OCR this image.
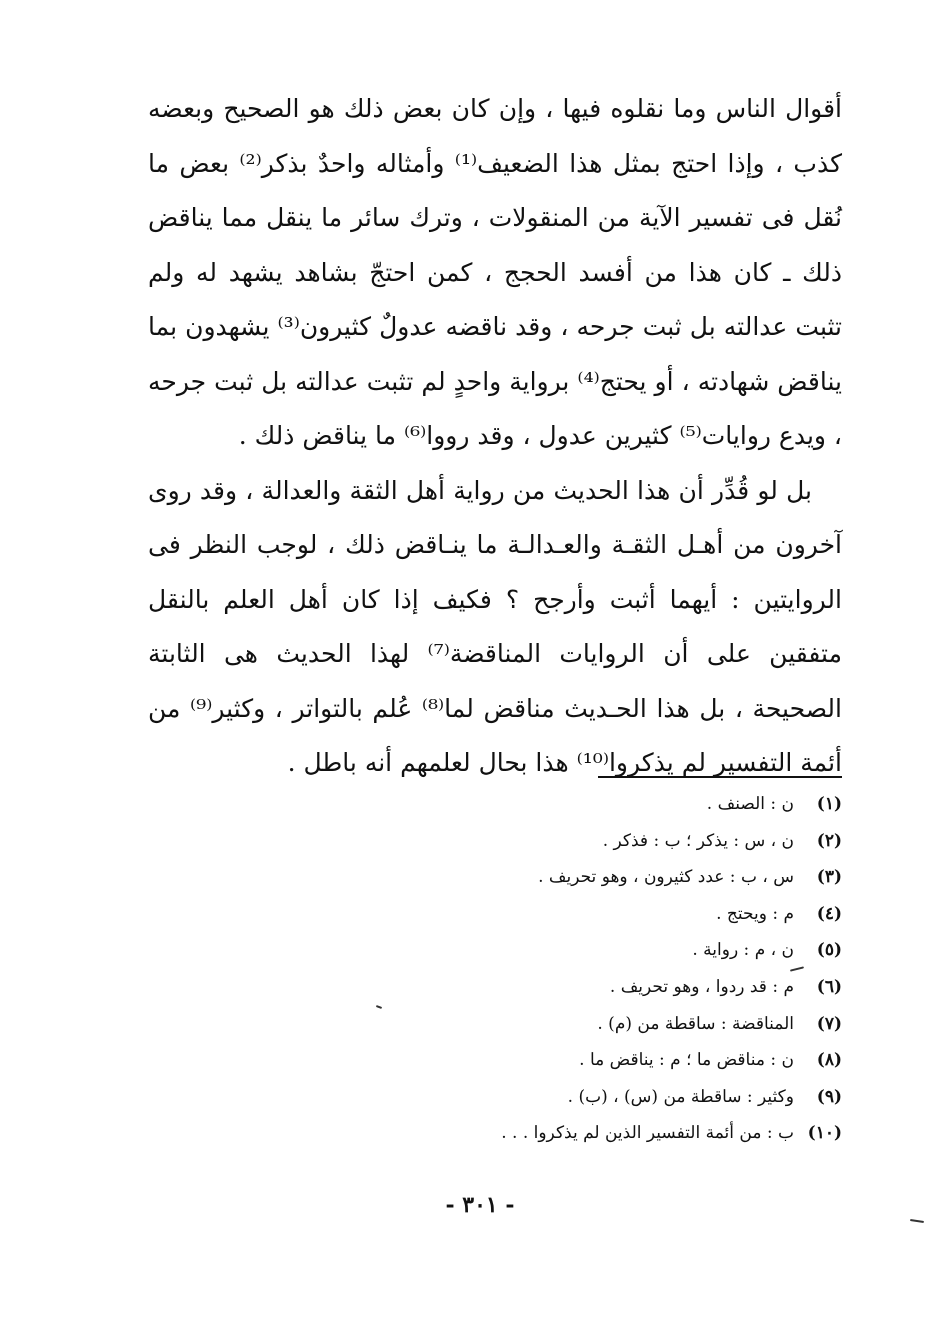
أقوال الناس وما نقلوه فيها ، وإن كان بعض ذلك هو الصحيح وبعضه كذب ، وإذا احتج بمثل هذا الضعيف⁽¹⁾ وأمثاله واحدٌ بذكر⁽²⁾ بعض ما نُقل فى تفسير الآية من المنقولات ، وترك سائر ما ينقل مما يناقض ذلك ـ كان هذا من أفسد الحجج ، كمن احتجّ بشاهد يشهد له ولم تثبت عدالته بل ثبت جرحه ، وقد ناقضه عدولٌ كثيرون⁽³⁾ يشهدون بما يناقض شهادته ، أو يحتج⁽⁴⁾ برواية واحدٍ لم تثبت عدالته بل ثبت جرحه ، ويدع روايات⁽⁵⁾ كثيرين عدول ، وقد رووا⁽⁶⁾ ما يناقض ذلك .

بل لو قُدِّر أن هذا الحديث من رواية أهل الثقة والعدالة ، وقد روى آخرون من أهـل الثقـة والعـدالـة ما ينـاقض ذلك ، لوجب النظر فى الروايتين : أيهما أثبت وأرجح ؟ فكيف إذا كان أهل العلم بالنقل متفقين على أن الروايات المناقضة⁽⁷⁾ لهذا الحديث هى الثابتة الصحيحة ، بل هذا الحـديث مناقض لما⁽⁸⁾ عُلم بالتواتر ، وكثير⁽⁹⁾ من أئمة التفسير لم يذكروا⁽¹⁰⁾ هذا بحال لعلمهم أنه باطل .

(١)
ن : الصنف .
(٢)
ن ، س : يذكر ؛ ب : فذكر .
(٣)
س ، ب : عدد كثيرون ، وهو تحريف .
(٤)
م : ويحتج .
(٥)
ن ، م : رواية .
(٦)
م : قد ردوا ، وهو تحريف .
(٧)
المناقضة : ساقطة من (م) .
(٨)
ن : مناقض ما ؛ م : يناقض ما .
(٩)
وكثير : ساقطة من (س) ، (ب) .
(١٠)
ب : من أئمة التفسير الذين لم يذكروا . . .
- ٣٠١ -
